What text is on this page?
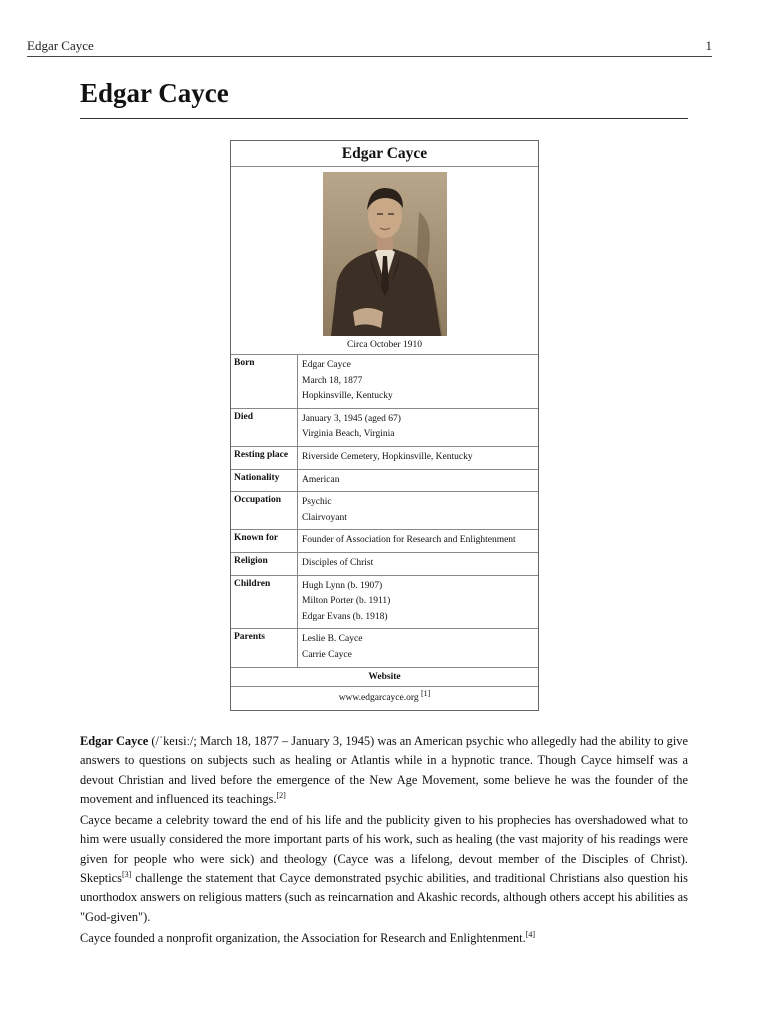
Edgar Cayce	1
Edgar Cayce
Edgar Cayce
Circa October 1910
Born	Edgar Cayce
March 18, 1877
Hopkinsville, Kentucky
Died	January 3, 1945 (aged 67)
Virginia Beach, Virginia
Resting place	Riverside Cemetery, Hopkinsville, Kentucky
Nationality	American
Occupation	Psychic
Clairvoyant
Known for	Founder of Association for Research and Enlightenment
Religion	Disciples of Christ
Children	Hugh Lynn (b. 1907)
Milton Porter (b. 1911)
Edgar Evans (b. 1918)
Parents	Leslie B. Cayce
Carrie Cayce
Website
www.edgarcayce.org [1]

Edgar Cayce (/ˈkeɪsiː/; March 18, 1877 – January 3, 1945) was an American psychic who allegedly had the ability to give answers to questions on subjects such as healing or Atlantis while in a hypnotic trance. Though Cayce himself was a devout Christian and lived before the emergence of the New Age Movement, some believe he was the founder of the movement and influenced its teachings.[2]

Cayce became a celebrity toward the end of his life and the publicity given to his prophecies has overshadowed what to him were usually considered the more important parts of his work, such as healing (the vast majority of his readings were given for people who were sick) and theology (Cayce was a lifelong, devout member of the Disciples of Christ). Skeptics[3] challenge the statement that Cayce demonstrated psychic abilities, and traditional Christians also question his unorthodox answers on religious matters (such as reincarnation and Akashic records, although others accept his abilities as "God-given").

Cayce founded a nonprofit organization, the Association for Research and Enlightenment.[4]
